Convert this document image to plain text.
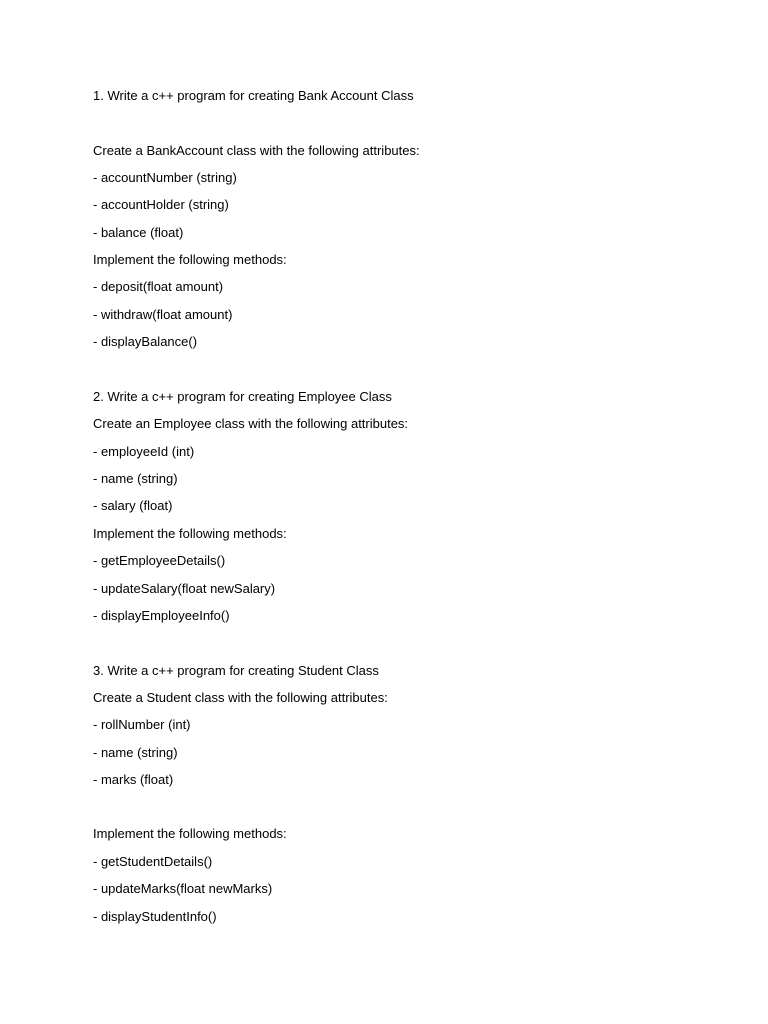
1. Write a c++ program for creating Bank Account Class
Create a BankAccount class with the following attributes:
- accountNumber (string)
- accountHolder (string)
- balance (float)
Implement the following methods:
- deposit(float amount)
- withdraw(float amount)
- displayBalance()
2. Write a c++ program for creating Employee Class
Create an Employee class with the following attributes:
- employeeId (int)
- name (string)
- salary (float)
Implement the following methods:
- getEmployeeDetails()
- updateSalary(float newSalary)
- displayEmployeeInfo()
3. Write a c++ program for creating Student Class
Create a Student class with the following attributes:
- rollNumber (int)
- name (string)
- marks (float)
Implement the following methods:
- getStudentDetails()
- updateMarks(float newMarks)
- displayStudentInfo()
